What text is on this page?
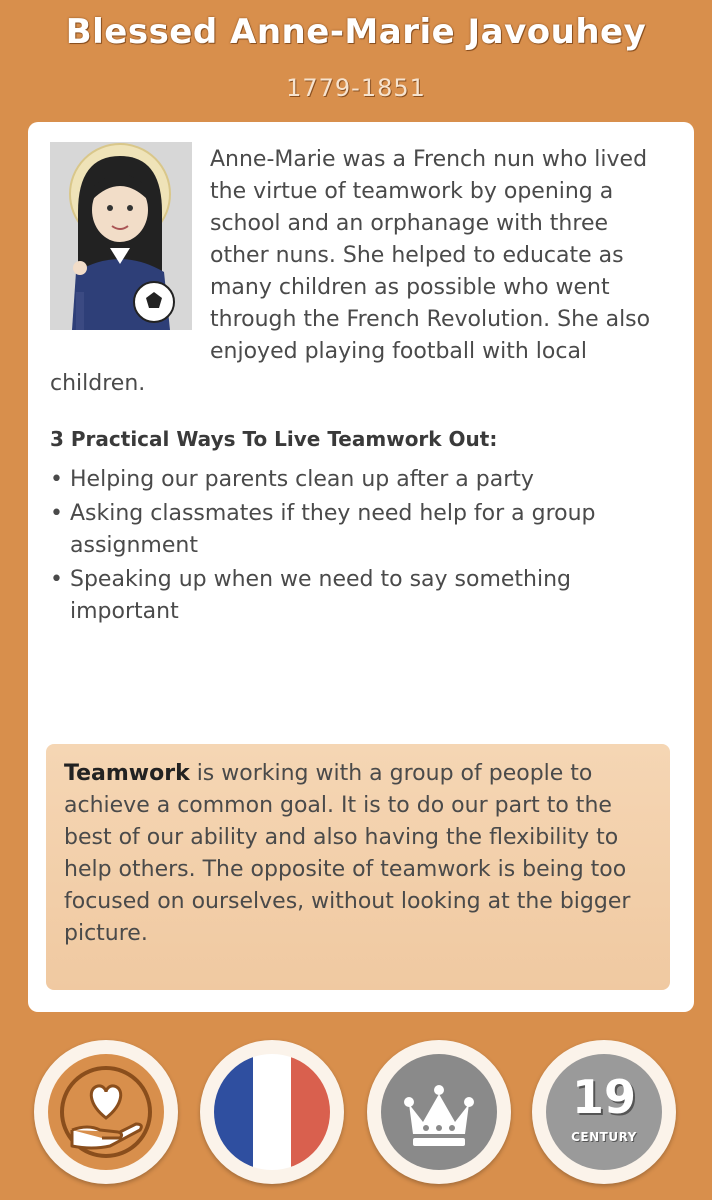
Blessed Anne-Marie Javouhey
1779-1851

Anne-Marie was a French nun who lived the virtue of teamwork by opening a school and an orphanage with three other nuns. She helped to educate as many children as possible who went through the French Revolution. She also enjoyed playing football with local children.

3 Practical Ways To Live Teamwork Out:
• Helping our parents clean up after a party
• Asking classmates if they need help for a group assignment
• Speaking up when we need to say something important
Teamwork is working with a group of people to achieve a common goal. It is to do our part to the best of our ability and also having the flexibility to help others. The opposite of teamwork is being too focused on ourselves, without looking at the bigger picture.
19
CENTURY
